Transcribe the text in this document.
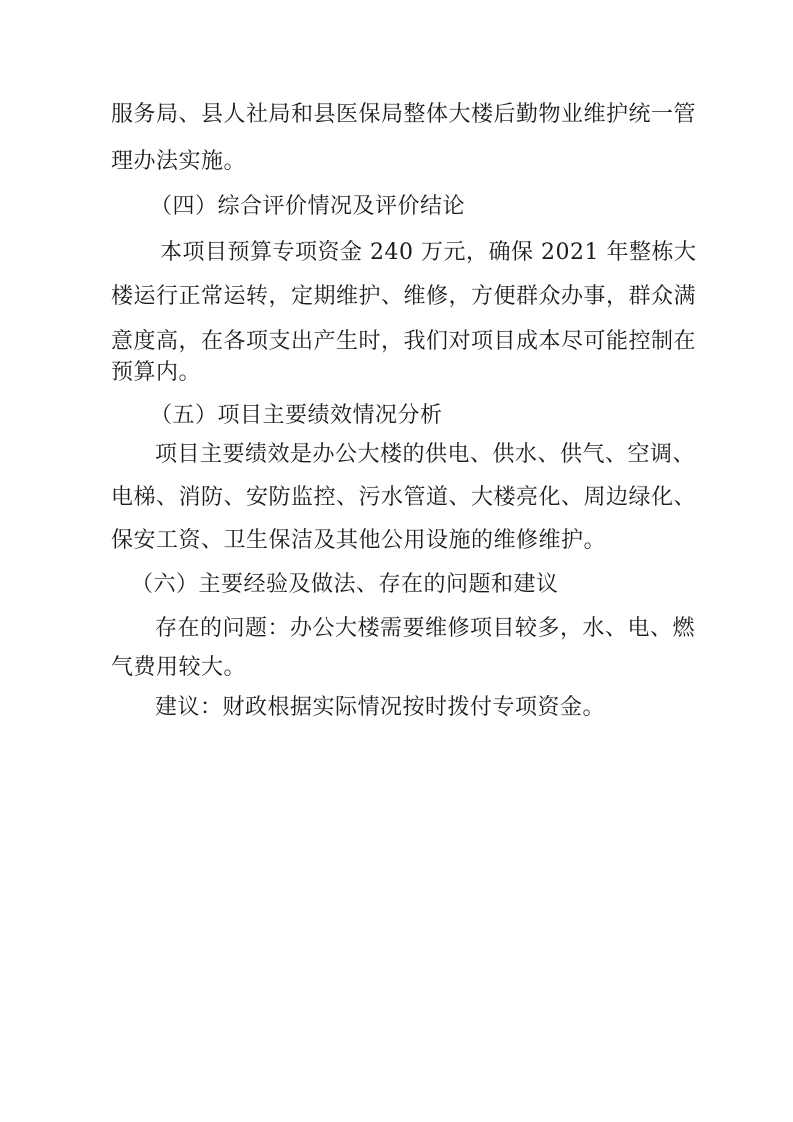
服务局、县人社局和县医保局整体大楼后勤物业维护统一管
理办法实施。
（四）综合评价情况及评价结论
本项目预算专项资金 240 万元，确保 2021 年整栋大
楼运行正常运转，定期维护、维修，方便群众办事，群众满
意度高，在各项支出产生时，我们对项目成本尽可能控制在
预算内。
（五）项目主要绩效情况分析
项目主要绩效是办公大楼的供电、供水、供气、空调、
电梯、消防、安防监控、污水管道、大楼亮化、周边绿化、
保安工资、卫生保洁及其他公用设施的维修维护。
（六）主要经验及做法、存在的问题和建议
存在的问题：办公大楼需要维修项目较多，水、电、燃
气费用较大。
建议：财政根据实际情况按时拨付专项资金。
